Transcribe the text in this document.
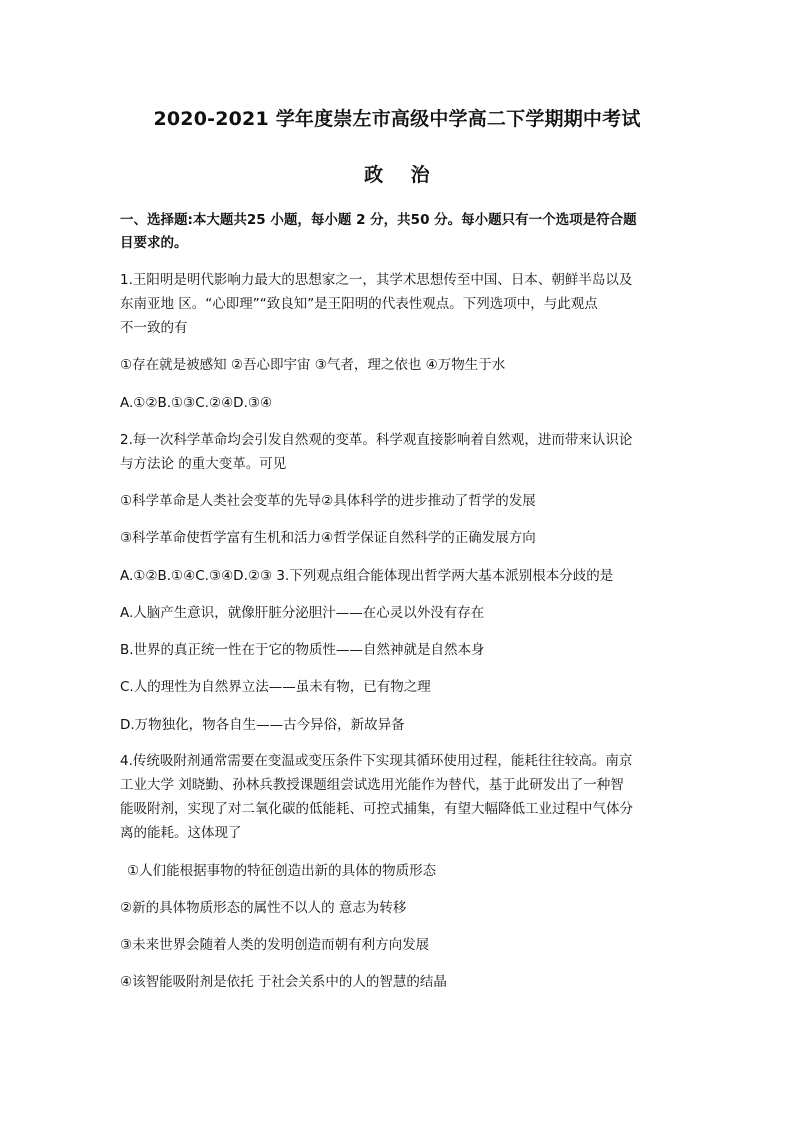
2020-2021 学年度崇左市高级中学高二下学期期中考试
政    治
一、选择题:本大题共25 小题，每小题 2 分，共50 分。每小题只有一个选项是符合题
目要求的。
1.王阳明是明代影响力最大的思想家之一，其学术思想传至中国、日本、朝鲜半岛以及
东南亚地 区。“心即理”“致良知”是王阳明的代表性观点。下列选项中，与此观点
不一致的有
①存在就是被感知 ②吾心即宇宙 ③气者，理之依也 ④万物生于水
A.①②B.①③C.②④D.③④
2.每一次科学革命均会引发自然观的变革。科学观直接影响着自然观，进而带来认识论
与方法论 的重大变革。可见
①科学革命是人类社会变革的先导②具体科学的进步推动了哲学的发展
③科学革命使哲学富有生机和活力④哲学保证自然科学的正确发展方向
A.①②B.①④C.③④D.②③ 3.下列观点组合能体现出哲学两大基本派别根本分歧的是
A.人脑产生意识，就像肝脏分泌胆汁——在心灵以外没有存在
B.世界的真正统一性在于它的物质性——自然神就是自然本身
C.人的理性为自然界立法——虽未有物，已有物之理
D.万物独化，物各自生——古今异俗，新故异备
4.传统吸附剂通常需要在变温或变压条件下实现其循环使用过程，能耗往往较高。南京
工业大学 刘晓勤、孙林兵教授课题组尝试选用光能作为替代，基于此研发出了一种智
能吸附剂，实现了对二氧化碳的低能耗、可控式捕集，有望大幅降低工业过程中气体分
离的能耗。这体现了
①人们能根据事物的特征创造出新的具体的物质形态
②新的具体物质形态的属性不以人的 意志为转移
③未来世界会随着人类的发明创造而朝有利方向发展
④该智能吸附剂是依托 于社会关系中的人的智慧的结晶
